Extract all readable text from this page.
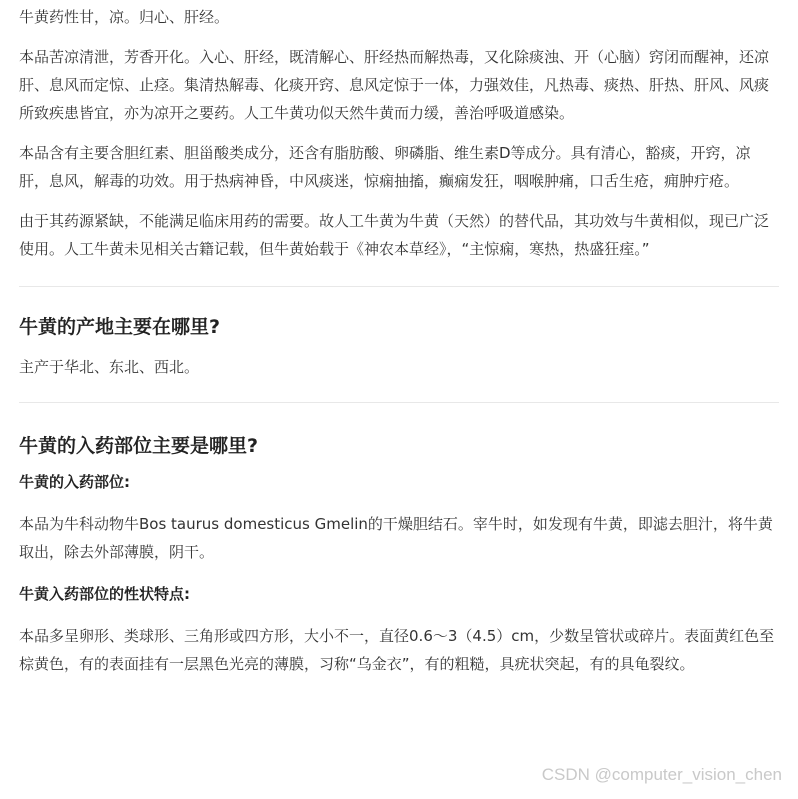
牛黄药性甘，凉。归心、肝经。

本品苦凉清泄，芳香开化。入心、肝经，既清解心、肝经热而解热毒，又化除痰浊、开（心脑）窍闭而醒神，还凉肝、息风而定惊、止痉。集清热解毒、化痰开窍、息风定惊于一体，力强效佳，凡热毒、痰热、肝热、肝风、风痰所致疾患皆宜，亦为凉开之要药。人工牛黄功似天然牛黄而力缓，善治呼吸道感染。

本品含有主要含胆红素、胆甾酸类成分，还含有脂肪酸、卵磷脂、维生素D等成分。具有清心，豁痰，开窍，凉肝，息风，解毒的功效。用于热病神昏，中风痰迷，惊痫抽搐，癫痫发狂，咽喉肿痛，口舌生疮，痈肿疔疮。

由于其药源紧缺，不能满足临床用药的需要。故人工牛黄为牛黄（天然）的替代品，其功效与牛黄相似，现已广泛使用。人工牛黄未见相关古籍记载，但牛黄始载于《神农本草经》，“主惊痫，寒热，热盛狂痓。”

牛黄的产地主要在哪里?

主产于华北、东北、西北。

牛黄的入药部位主要是哪里?
牛黄的入药部位:

本品为牛科动物牛Bos taurus domesticus Gmelin的干燥胆结石。宰牛时，如发现有牛黄，即滤去胆汁，将牛黄取出，除去外部薄膜，阴干。

牛黄入药部位的性状特点:

本品多呈卵形、类球形、三角形或四方形，大小不一，直径0.6～3（4.5）cm，少数呈管状或碎片。表面黄红色至棕黄色，有的表面挂有一层黑色光亮的薄膜，习称“乌金衣”，有的粗糙，具疣状突起，有的具龟裂纹。

CSDN @computer_vision_chen
